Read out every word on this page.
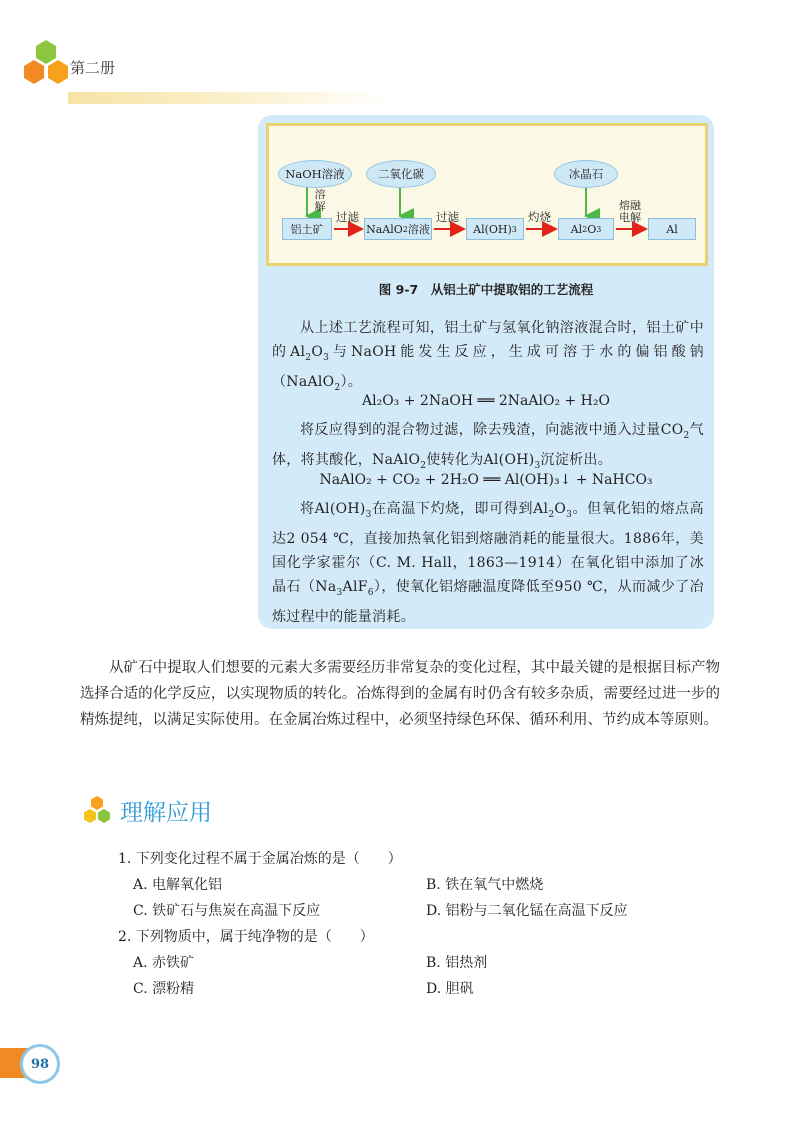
第二册
NaOH溶液	二氧化碳	冰晶石
溶解
过滤	过滤	灼烧
熔融电解
铝土矿	NaAlO 2 溶液	Al(OH) 3	Al 2 O 3	Al
图 9-7　从铝土矿中提取铝的工艺流程

从上述工艺流程可知，铝土矿与氢氧化钠溶液混合时，铝土矿中的$Al_2O_3$与NaOH能发生反应，生成可溶于水的偏铝酸钠（NaAlO$_2$）。

Al₂O₃ + 2NaOH ══ 2NaAlO₂ + H₂O

将反应得到的混合物过滤，除去残渣，向滤液中通入过量$CO_2$气体，将其酸化，NaAlO$_2$使转化为$Al(OH)_3$沉淀析出。

NaAlO₂ + CO₂ + 2H₂O ══ Al(OH)₃↓ + NaHCO₃

将$Al(OH)_3$在高温下灼烧，即可得到$Al_2O_3$。但氧化铝的熔点高达2 054 ℃，直接加热氧化铝到熔融消耗的能量很大。1886年，美国化学家霍尔（C. M. Hall，1863—1914）在氧化铝中添加了冰晶石$(Na_3AlF_6)$，使氧化铝熔融温度降低至950 ℃，从而减少了冶炼过程中的能量消耗。

从矿石中提取人们想要的元素大多需要经历非常复杂的变化过程，其中最关键的是根据目标产物选择合适的化学反应，以实现物质的转化。冶炼得到的金属有时仍含有较多杂质，需要经过进一步的精炼提纯，以满足实际使用。在金属冶炼过程中，必须坚持绿色环保、循环利用、节约成本等原则。

理解应用
1. 下列变化过程不属于金属冶炼的是（　　）
A. 电解氧化铝	B. 铁在氧气中燃烧
C. 铁矿石与焦炭在高温下反应	D. 铝粉与二氧化锰在高温下反应
2. 下列物质中，属于纯净物的是（　　）
A. 赤铁矿	B. 铝热剂
C. 漂粉精	D. 胆矾
98
